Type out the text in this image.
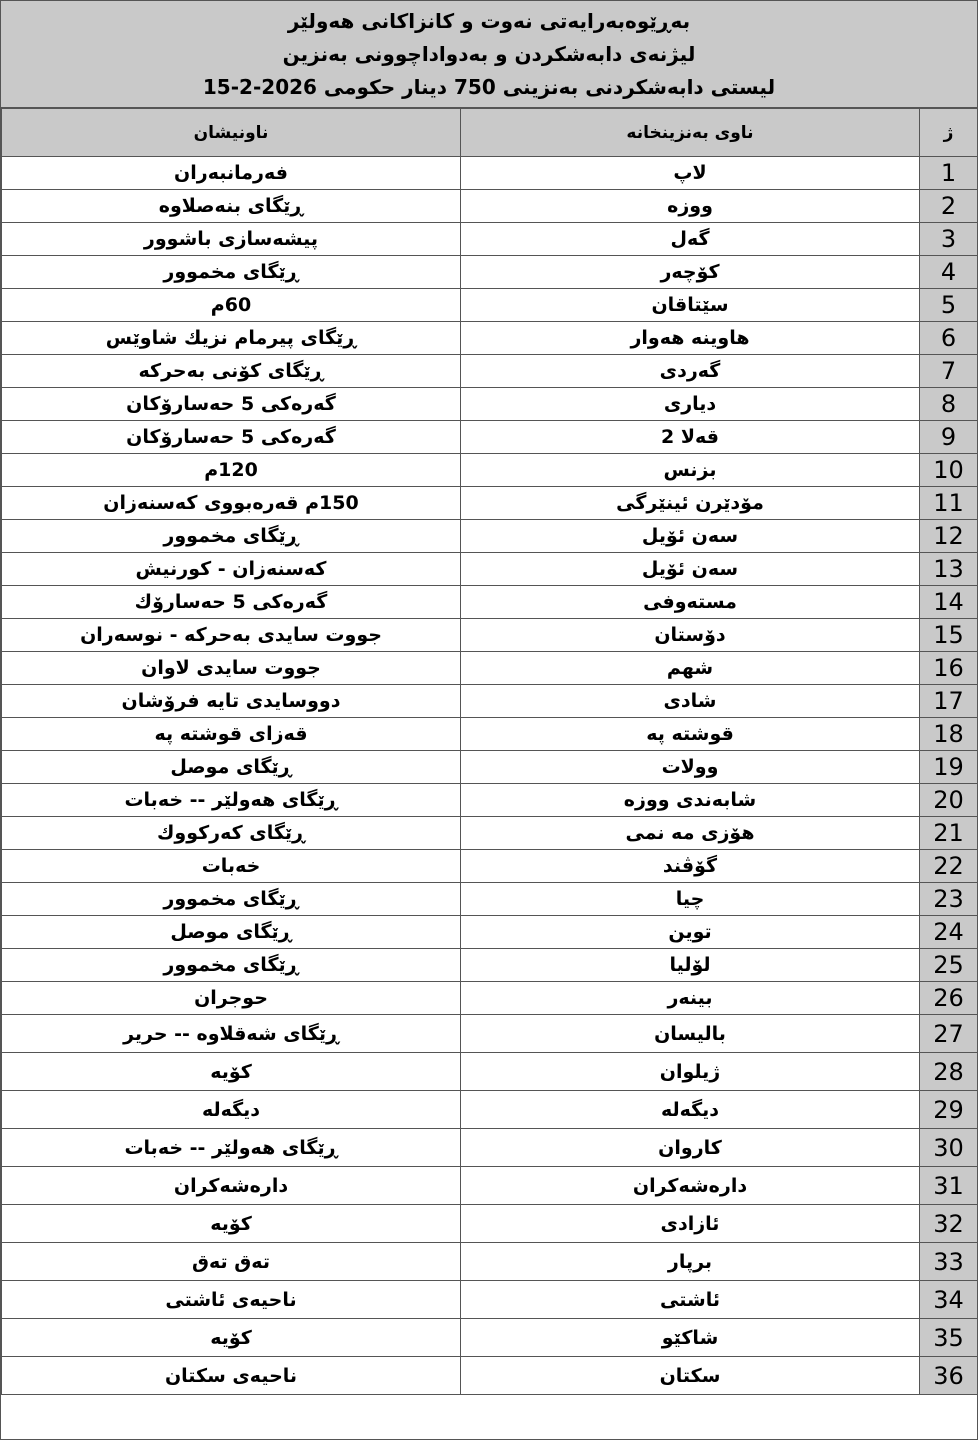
بەڕێوەبەرایەتی نەوت و کانزاکانی هەولێر
لیژنەی دابەشکردن و بەدواداچوونی بەنزین
لیستی دابەشکردنی بەنزینی 750 دینار حکومی 2026-2-15
ناونیشان	ناوی بەنزینخانە	ژ
فەرمانبەران	لاپ	1
ڕێگای بنەصلاوە	ووزە	2
پیشەسازی باشوور	گەل	3
ڕێگای مخموور	کۆچەر	4
60م	سێتاقان	5
ڕێگای پیرمام نزیك شاوێس	هاوینە هەوار	6
ڕێگای کۆنی بەحرکە	گەردی	7
گەرەکی 5 حەسارۆکان	دیاری	8
گەرەکی 5 حەسارۆکان	قەلا 2	9
120م	بزنس	10
150م قەرەبووی کەسنەزان	مۆدێرن ئینێرگی	11
ڕێگای مخموور	سەن ئۆیل	12
کەسنەزان - کورنیش	سەن ئۆیل	13
گەرەکی 5 حەسارۆك	مستەوفی	14
جووت سایدی بەحرکە - نوسەران	دۆستان	15
جووت سایدی لاوان	شهم	16
دووسایدی تایە فرۆشان	شادی	17
قەزای قوشتە پە	قوشتە پە	18
ڕێگای موصل	وولات	19
ڕێگای هەولێر -- خەبات	شابەندی ووزە	20
ڕێگای کەرکووك	هۆزی مە نمی	21
خەبات	گۆڤند	22
ڕێگای مخموور	چیا	23
ڕێگای موصل	توین	24
ڕێگای مخموور	لۆلیا	25
حوجران	بینەر	26
ڕێگای شەقلاوە -- حریر	بالیسان	27
کۆیە	ژیلوان	28
دیگەلە	دیگەلە	29
ڕێگای هەولێر -- خەبات	کاروان	30
دارەشەکران	دارەشەکران	31
کۆیە	ئازادی	32
تەق تەق	برپار	33
ناحیەی ئاشتی	ئاشتی	34
کۆیە	شاکێو	35
ناحیەی سکتان	سکتان	36
